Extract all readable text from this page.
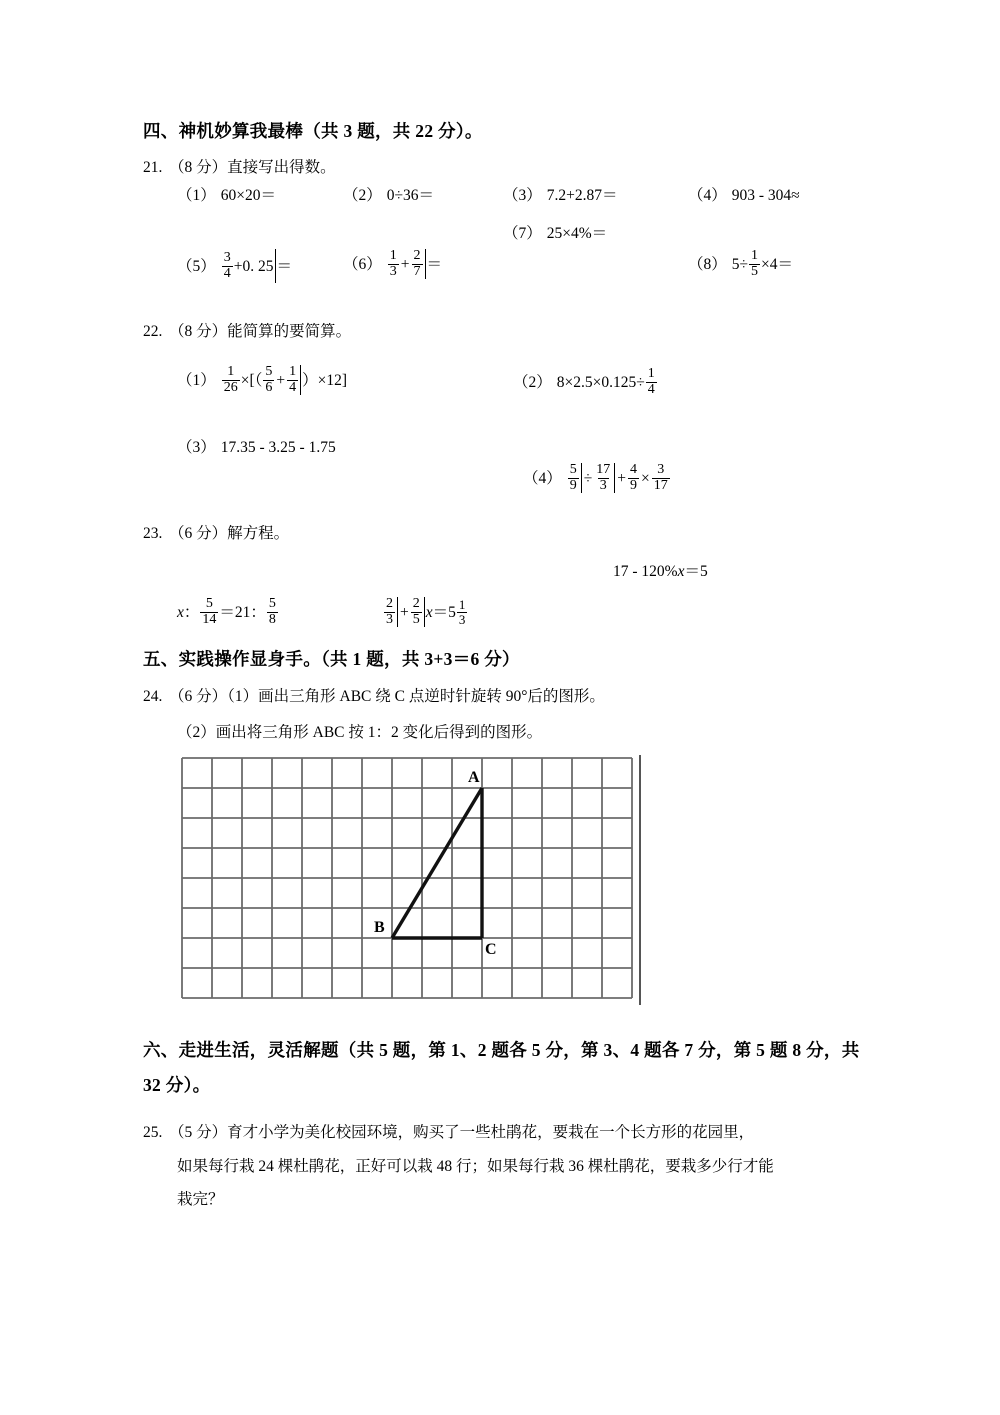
四、神机妙算我最棒（共 3 题，共 22 分）。
21. （8 分）直接写出得数。
（1） 60×20＝	（2） 0÷36＝	（3） 7.2+2.87＝	（4） 903 - 304≈
（7） 25×4%＝
$(5) \frac{3}{4} +0$. 25 ＝	$(6) \frac{1}{3} + \frac{2}{7}$ ＝	（8） $5\div \frac{1}{5} \times 4=$
22. （8 分）能简算的要简算。
$(1) \frac{1}{26}$ ×[（ $\frac{5}{6} + \frac{1}{4} )\times 12$]	（2） $8\times 2.5\times 0.125\div \frac{1}{4}$
（3） 17.35 - 3.25 - 1.75
$(4) \frac{5}{9} \div \frac{17}{3} + \frac{4}{9} \times \frac{3}{17}$
23. （6 分）解方程。
17 - 120% x ＝5
x ： $\frac{5}{14} =21$： $\frac{5}{8}$	$\frac{2}{3} + \frac{2}{5}$ $x =5 \frac{1}{3}$
五、实践操作显身手。（共 1 题，共 3+3＝6 分）
24. （6 分）（1）画出三角形 ABC 绕 C 点逆时针旋转 90°后的图形。
（2）画出将三角形 ABC 按 1：2 变化后得到的图形。
A
B
C
六、走进生活，灵活解题（共 5 题，第 1、2 题各 5 分，第 3、4 题各 7 分，第 5 题 8 分，共 32 分）。
25. （5 分）育才小学为美化校园环境，购买了一些杜鹃花，要栽在一个长方形的花园里，
如果每行栽 24 棵杜鹃花，正好可以栽 48 行；如果每行栽 36 棵杜鹃花，要栽多少行才能
栽完？
